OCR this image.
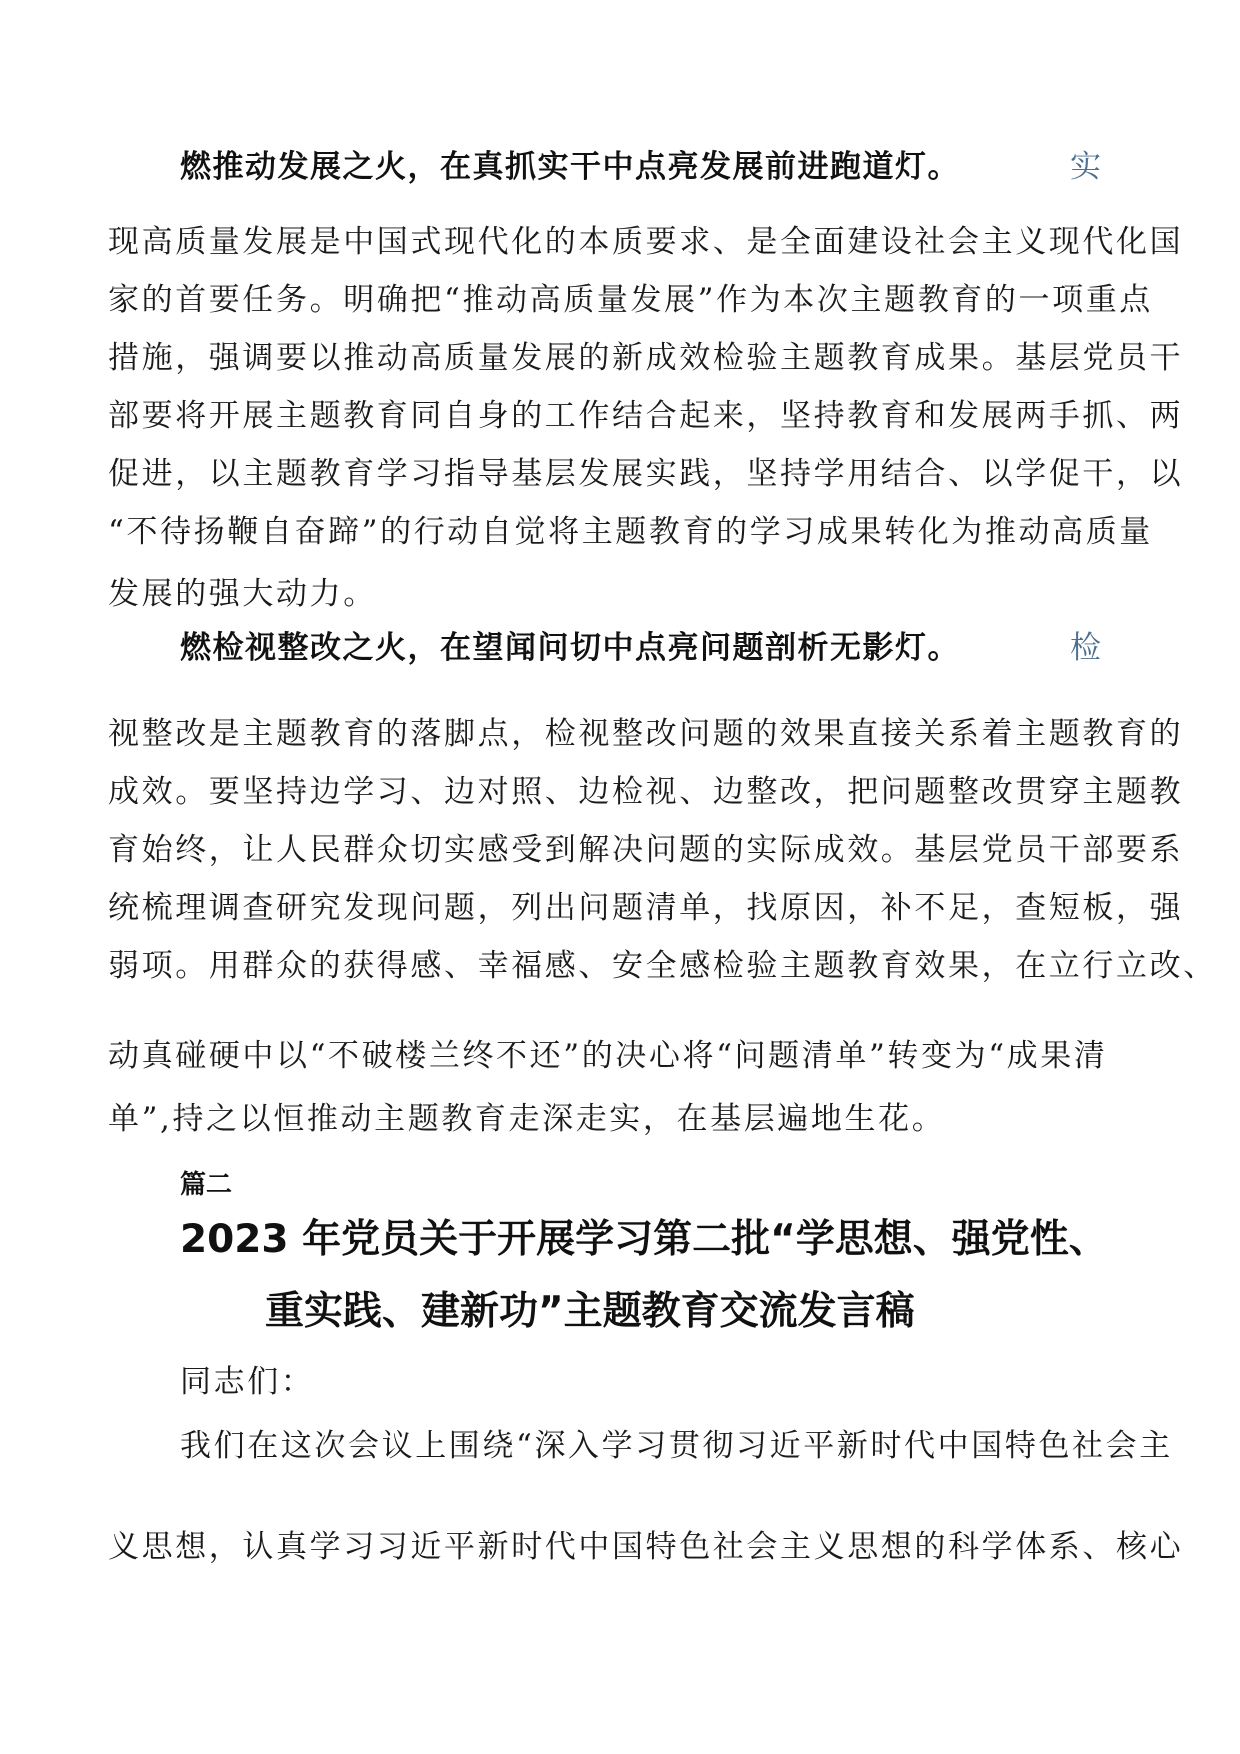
燃推动发展之火，在真抓实干中点亮发展前进跑道灯。	实
现高质量发展是中国式现代化的本质要求、是全面建设社会主义现代化国
家的首要任务。明确把“推动高质量发展”作为本次主题教育的一项重点
措施，强调要以推动高质量发展的新成效检验主题教育成果。基层党员干
部要将开展主题教育同自身的工作结合起来，坚持教育和发展两手抓、两
促进，以主题教育学习指导基层发展实践，坚持学用结合、以学促干，以
“不待扬鞭自奋蹄”的行动自觉将主题教育的学习成果转化为推动高质量
发展的强大动力。
燃检视整改之火，在望闻问切中点亮问题剖析无影灯。	检
视整改是主题教育的落脚点，检视整改问题的效果直接关系着主题教育的
成效。要坚持边学习、边对照、边检视、边整改，把问题整改贯穿主题教
育始终，让人民群众切实感受到解决问题的实际成效。基层党员干部要系
统梳理调查研究发现问题，列出问题清单，找原因，补不足，查短板，强
弱项。用群众的获得感、幸福感、安全感检验主题教育效果，在立行立改、
动真碰硬中以“不破楼兰终不还”的决心将“问题清单”转变为“成果清
单”,持之以恒推动主题教育走深走实，在基层遍地生花。
篇二
2023 年党员关于开展学习第二批“学思想、强党性、
重实践、建新功”主题教育交流发言稿
同志们：
我们在这次会议上围绕“深入学习贯彻习近平新时代中国特色社会主
义思想，认真学习习近平新时代中国特色社会主义思想的科学体系、核心
